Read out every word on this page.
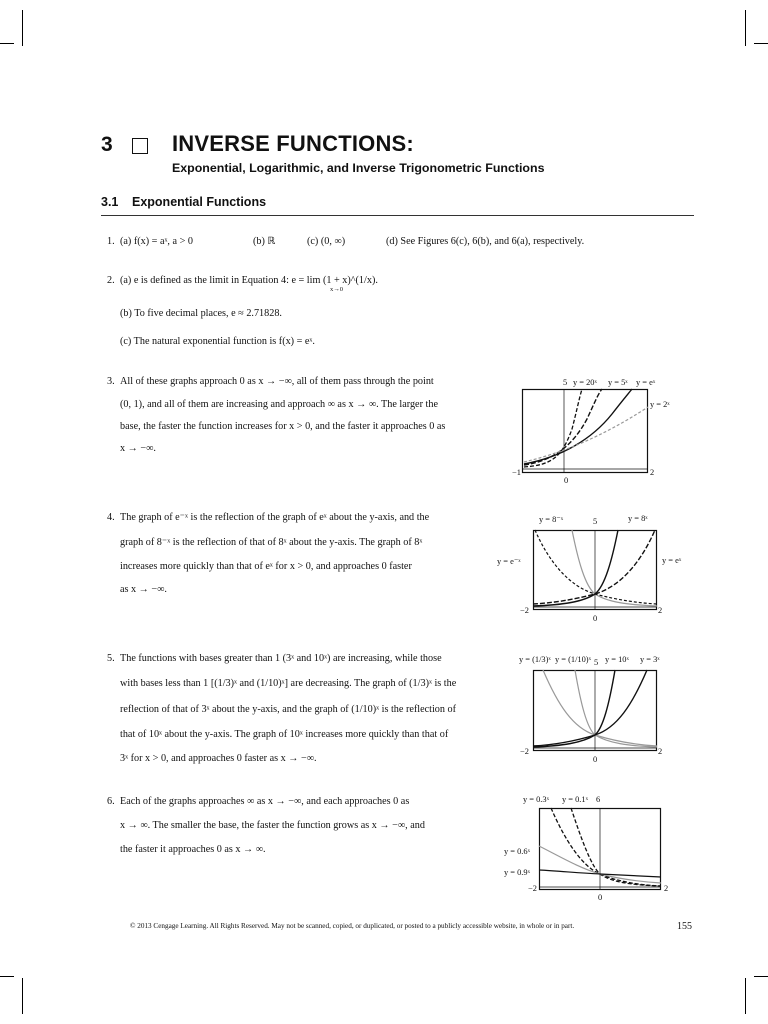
3	INVERSE FUNCTIONS:
Exponential, Logarithmic, and Inverse Trigonometric Functions
3.1 Exponential Functions
1. (a) f(x) = aˣ, a > 0	(b) ℝ	(c) (0, ∞)	(d) See Figures 6(c), 6(b), and 6(a), respectively.
2. (a) e is defined as the limit in Equation 4: e = lim (1 + x)^(1/x).
x→0
(b) To five decimal places, e ≈ 2.71828.
(c) The natural exponential function is f(x) = eˣ.
3. All of these graphs approach 0 as x → −∞, all of them pass through the point
(0, 1), and all of them are increasing and approach ∞ as x → ∞. The larger the
base, the faster the function increases for x > 0, and the faster it approaches 0 as
x → −∞.
5 y = 20ˣ y = 5ˣ y = eˣ
y = 2ˣ
−1
0
2
4. The graph of e⁻ˣ is the reflection of the graph of eˣ about the y-axis, and the
graph of 8⁻ˣ is the reflection of that of 8ˣ about the y-axis. The graph of 8ˣ
increases more quickly than that of eˣ for x > 0, and approaches 0 faster
as x → −∞.
y = 8⁻ˣ	5	y = 8ˣ
y = e⁻ˣ	y = eˣ
−2
0
2
5. The functions with bases greater than 1 (3ˣ and 10ˣ) are increasing, while those
with bases less than 1 [(1/3)ˣ and (1/10)ˣ] are decreasing. The graph of (1/3)ˣ is the
reflection of that of 3ˣ about the y-axis, and the graph of (1/10)ˣ is the reflection of
that of 10ˣ about the y-axis. The graph of 10ˣ increases more quickly than that of
3ˣ for x > 0, and approaches 0 faster as x → −∞.
y = (1/3)ˣ y = (1/10)ˣ 5 y = 10ˣ y = 3ˣ
−2
0
2
6. Each of the graphs approaches ∞ as x → −∞, and each approaches 0 as
x → ∞. The smaller the base, the faster the function grows as x → −∞, and
the faster it approaches 0 as x → ∞.
y = 0.3ˣ y = 0.1ˣ 6
y = 0.6ˣ
y = 0.9ˣ
−2
0
2
© 2013 Cengage Learning. All Rights Reserved. May not be scanned, copied, or duplicated, or posted to a publicly accessible website, in whole or in part.	155
